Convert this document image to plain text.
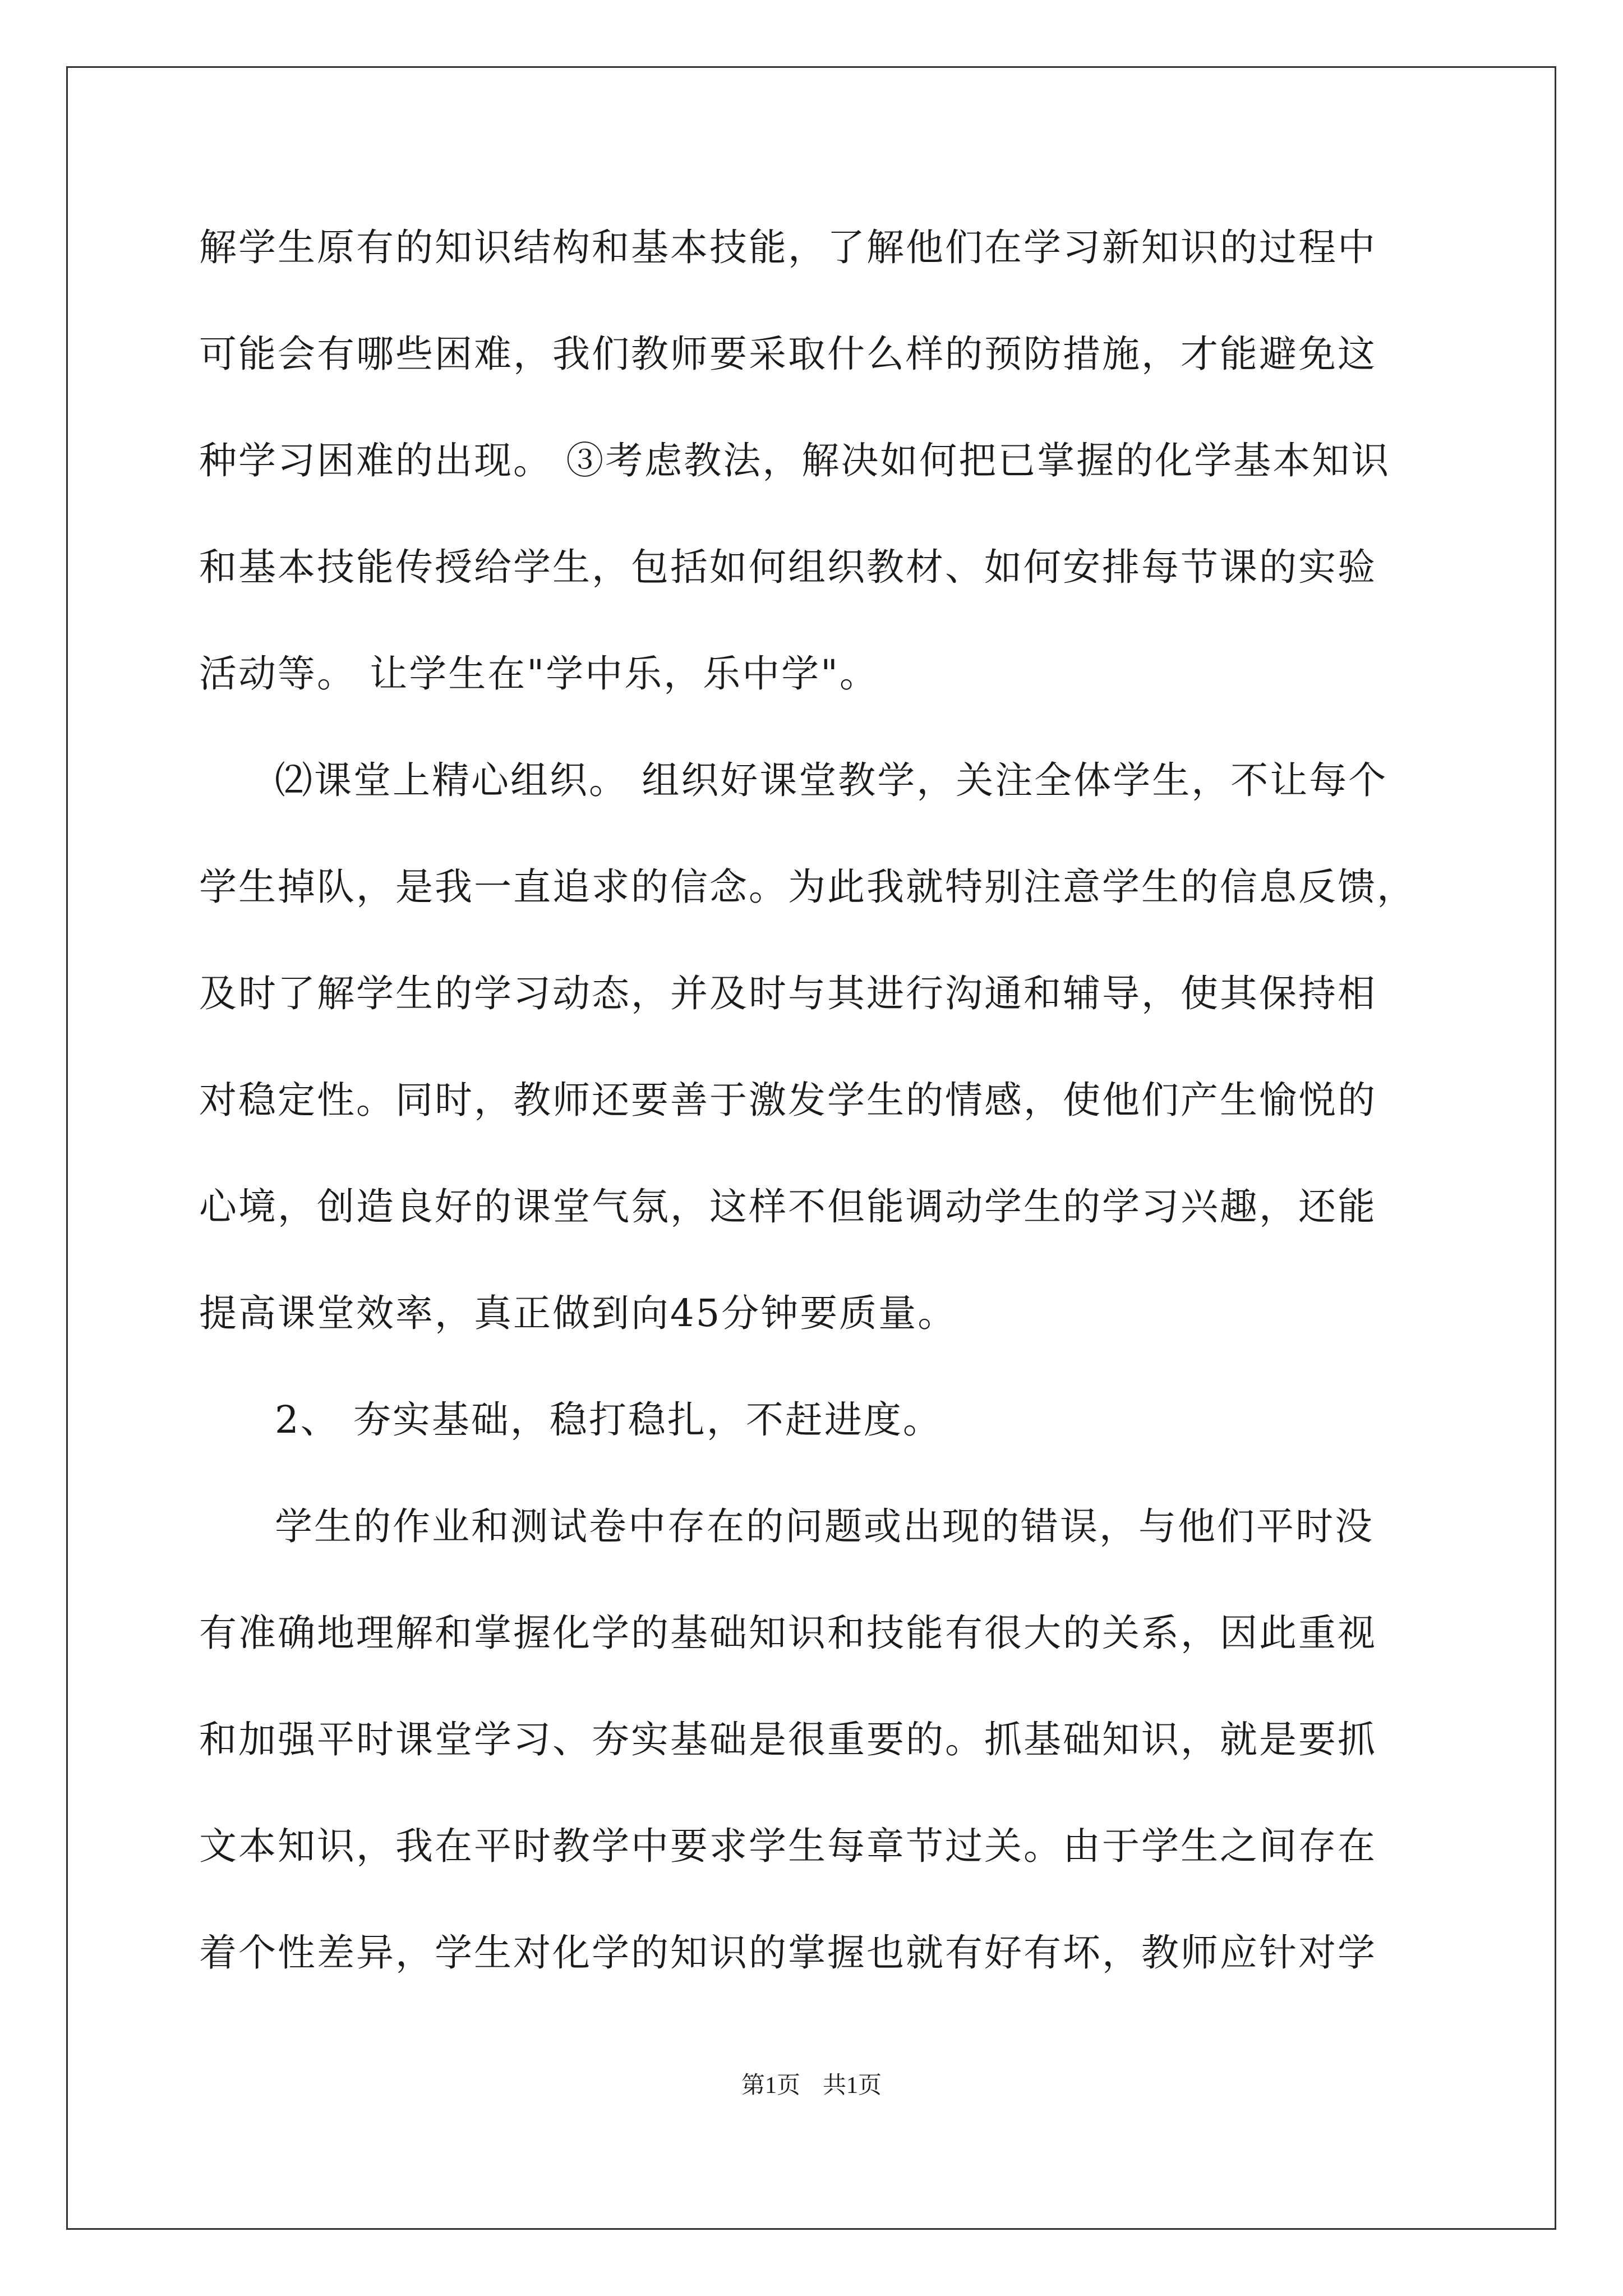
解学生原有的知识结构和基本技能，了解他们在学习新知识的过程中
可能会有哪些困难，我们教师要采取什么样的预防措施，才能避免这
种学习困难的出现。 ③考虑教法，解决如何把已掌握的化学基本知识
和基本技能传授给学生，包括如何组织教材、如何安排每节课的实验
活动等。 让学生在"学中乐，乐中学"。
⑵课堂上精心组织。 组织好课堂教学，关注全体学生，不让每个
学生掉队，是我一直追求的信念。为此我就特别注意学生的信息反馈，
及时了解学生的学习动态，并及时与其进行沟通和辅导，使其保持相
对稳定性。同时，教师还要善于激发学生的情感，使他们产生愉悦的
心境，创造良好的课堂气氛，这样不但能调动学生的学习兴趣，还能
提高课堂效率，真正做到向45分钟要质量。
2、 夯实基础，稳打稳扎，不赶进度。
学生的作业和测试卷中存在的问题或出现的错误，与他们平时没
有准确地理解和掌握化学的基础知识和技能有很大的关系，因此重视
和加强平时课堂学习、夯实基础是很重要的。抓基础知识，就是要抓
文本知识，我在平时教学中要求学生每章节过关。由于学生之间存在
着个性差异，学生对化学的知识的掌握也就有好有坏，教师应针对学
第1页 共1页
